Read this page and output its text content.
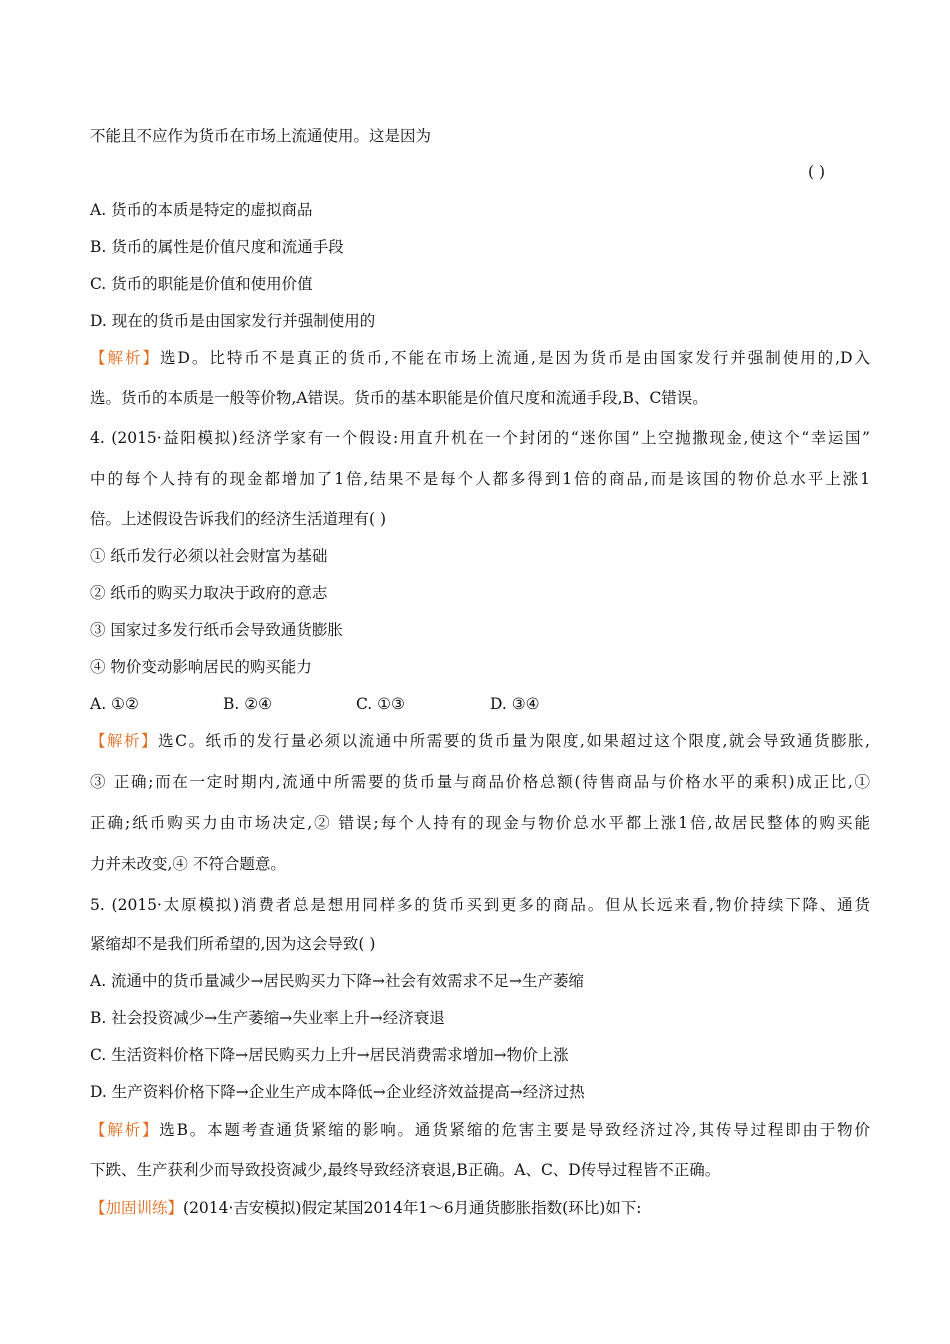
不能且不应作为货币在市场上流通使用。这是因为
( )
A. 货币的本质是特定的虚拟商品
B. 货币的属性是价值尺度和流通手段
C. 货币的职能是价值和使用价值
D. 现在的货币是由国家发行并强制使用的
【解析】选D。比特币不是真正的货币,不能在市场上流通,是因为货币是由国家发行并强制使用的,D入
选。货币的本质是一般等价物,A错误。货币的基本职能是价值尺度和流通手段,B、C错误。
4. (2015·益阳模拟)经济学家有一个假设:用直升机在一个封闭的“迷你国”上空抛撒现金,使这个“幸运国”
中的每个人持有的现金都增加了1倍,结果不是每个人都多得到1倍的商品,而是该国的物价总水平上涨1
倍。上述假设告诉我们的经济生活道理有( )
① 纸币发行必须以社会财富为基础
② 纸币的购买力取决于政府的意志
③ 国家过多发行纸币会导致通货膨胀
④ 物价变动影响居民的购买能力
A. ①②	B. ②④	C. ①③	D. ③④
【解析】选C。纸币的发行量必须以流通中所需要的货币量为限度,如果超过这个限度,就会导致通货膨胀,
③ 正确;而在一定时期内,流通中所需要的货币量与商品价格总额(待售商品与价格水平的乘积)成正比,①
正确;纸币购买力由市场决定,② 错误;每个人持有的现金与物价总水平都上涨1倍,故居民整体的购买能
力并未改变,④ 不符合题意。
5. (2015·太原模拟)消费者总是想用同样多的货币买到更多的商品。但从长远来看,物价持续下降、通货
紧缩却不是我们所希望的,因为这会导致( )
A. 流通中的货币量减少→居民购买力下降→社会有效需求不足→生产萎缩
B. 社会投资减少→生产萎缩→失业率上升→经济衰退
C. 生活资料价格下降→居民购买力上升→居民消费需求增加→物价上涨
D. 生产资料价格下降→企业生产成本降低→企业经济效益提高→经济过热
【解析】选B。本题考查通货紧缩的影响。通货紧缩的危害主要是导致经济过冷,其传导过程即由于物价
下跌、生产获利少而导致投资减少,最终导致经济衰退,B正确。A、C、D传导过程皆不正确。
【加固训练】(2014·吉安模拟)假定某国2014年1～6月通货膨胀指数(环比)如下:
